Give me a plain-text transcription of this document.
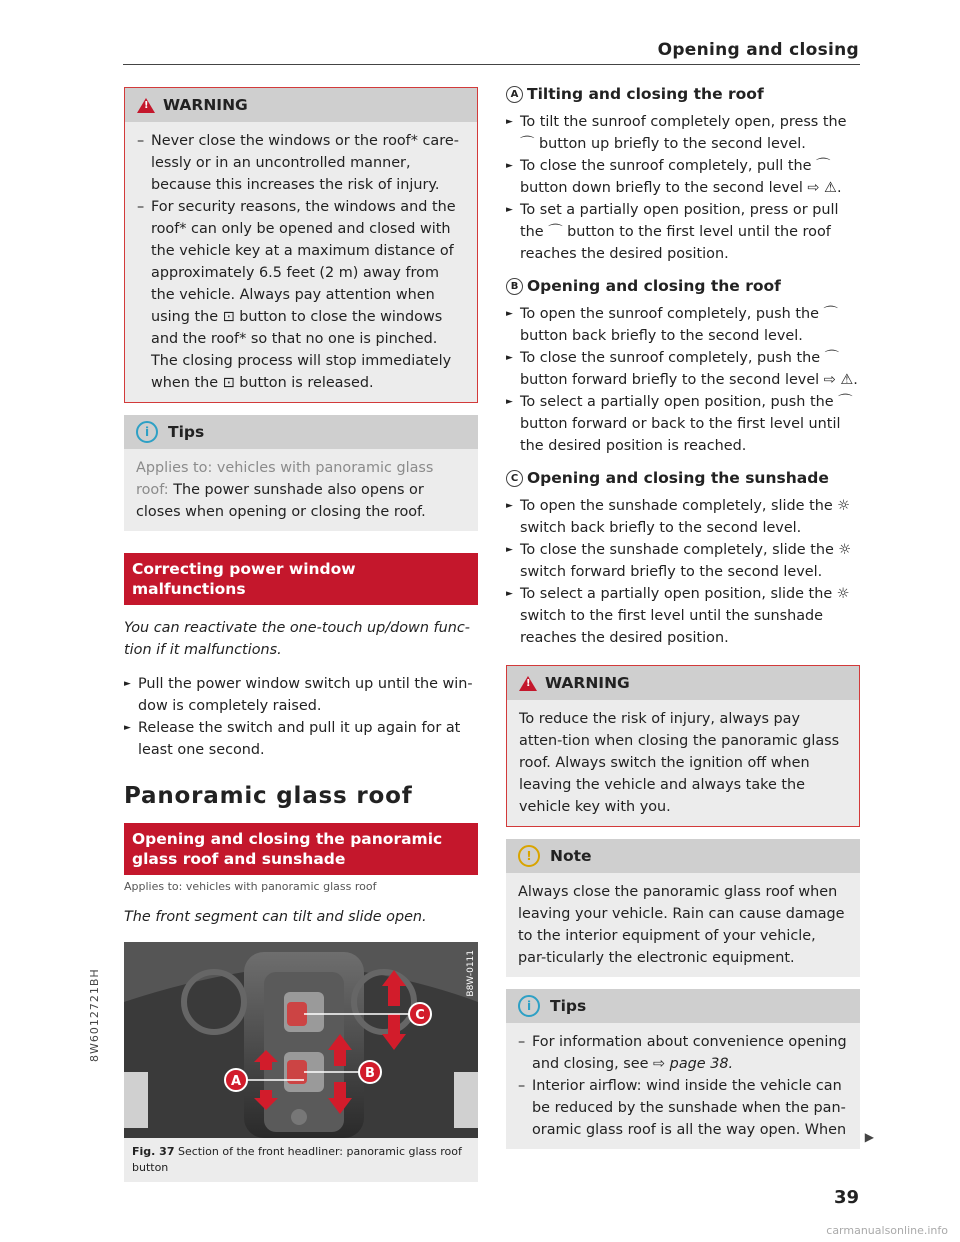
Opening and closing
!
WARNING

– Never close the windows or the roof* care-lessly or in an uncontrolled manner, because this increases the risk of injury.

– For security reasons, the windows and the roof* can only be opened and closed with the vehicle key at a maximum distance of approximately 6.5 feet (2 m) away from the vehicle. Always pay attention when using the ⊡ button to close the windows and the roof* so that no one is pinched. The closing process will stop immediately when the ⊡ button is released.

i	Tips
Applies to: vehicles with panoramic glass roof: The power sunshade also opens or closes when opening or closing the roof.
Correcting power window malfunctions

You can reactivate the one-touch up/down func-tion if it malfunctions.

► Pull the power window switch up until the win-dow is completely raised.

► Release the switch and pull it up again for at least one second.

Panoramic glass roof
Opening and closing the panoramic glass roof and sunshade

Applies to: vehicles with panoramic glass roof

The front segment can tilt and slide open.

C
B
A
B8W-0111
Fig. 37 Section of the front headliner: panoramic glass roof button
A Tilting and closing the roof

► To tilt the sunroof completely open, press the ⌒ button up briefly to the second level.

► To close the sunroof completely, pull the ⌒ button down briefly to the second level ⇨ ⚠.

► To set a partially open position, press or pull the ⌒ button to the first level until the roof reaches the desired position.

B Opening and closing the roof

► To open the sunroof completely, push the ⌒ button back briefly to the second level.

► To close the sunroof completely, push the ⌒ button forward briefly to the second level ⇨ ⚠.

► To select a partially open position, push the ⌒ button forward or back to the first level until the desired position is reached.

C Opening and closing the sunshade

► To open the sunshade completely, slide the ☼ switch back briefly to the second level.

► To close the sunshade completely, slide the ☼ switch forward briefly to the second level.

► To select a partially open position, slide the ☼ switch to the first level until the sunshade reaches the desired position.

!
WARNING

To reduce the risk of injury, always pay atten-tion when closing the panoramic glass roof. Always switch the ignition off when leaving the vehicle and always take the vehicle key with you.

!	Note

Always close the panoramic glass roof when leaving your vehicle. Rain can cause damage to the interior equipment of your vehicle, par-ticularly the electronic equipment.

i	Tips

– For information about convenience opening and closing, see ⇨ page 38.

– Interior airflow: wind inside the vehicle can be reduced by the sunshade when the pan-oramic glass roof is all the way open. When ▶
39
8W6012721BH
carmanualsonline.info
